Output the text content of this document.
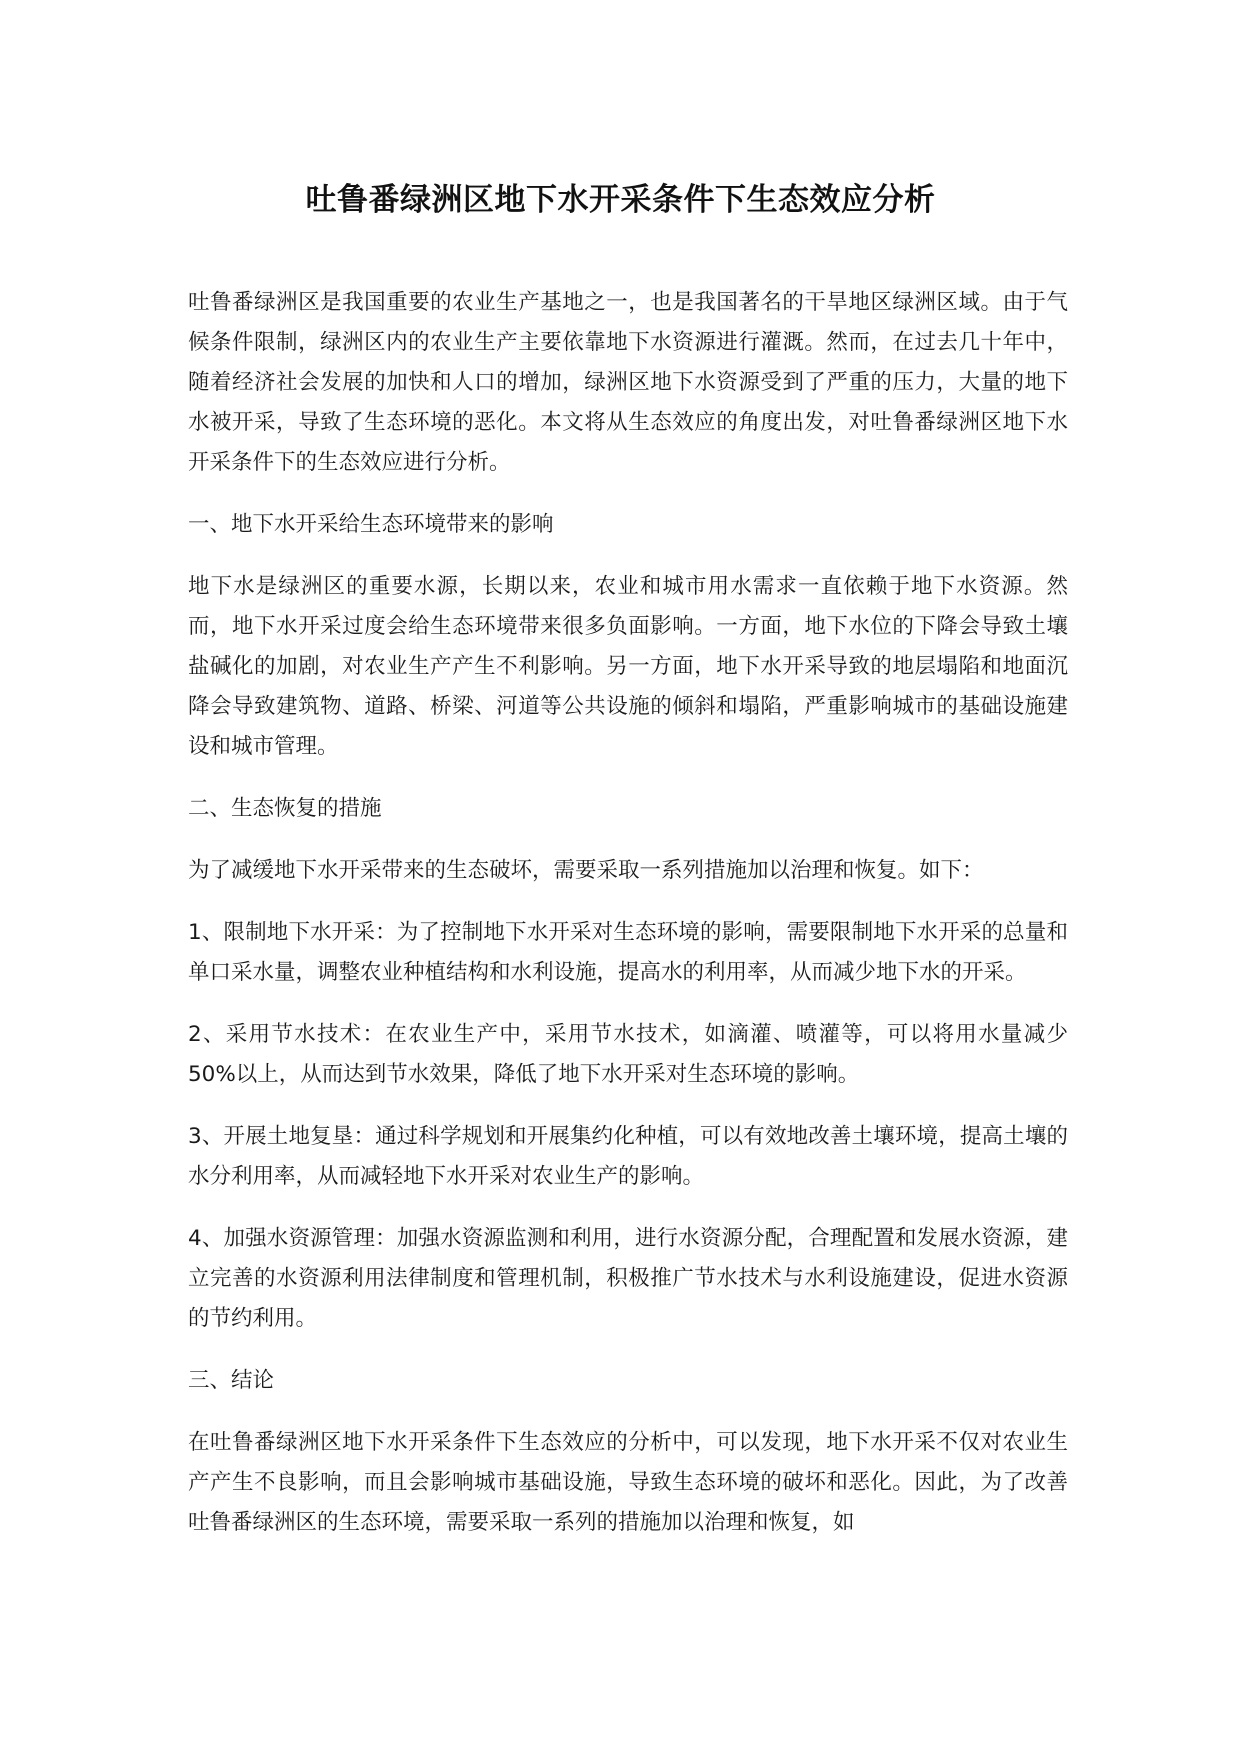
吐鲁番绿洲区地下水开采条件下生态效应分析

吐鲁番绿洲区是我国重要的农业生产基地之一，也是我国著名的干旱地区绿洲区域。由于气候条件限制，绿洲区内的农业生产主要依靠地下水资源进行灌溉。然而，在过去几十年中，随着经济社会发展的加快和人口的增加，绿洲区地下水资源受到了严重的压力，大量的地下水被开采，导致了生态环境的恶化。本文将从生态效应的角度出发，对吐鲁番绿洲区地下水开采条件下的生态效应进行分析。

一、地下水开采给生态环境带来的影响

地下水是绿洲区的重要水源，长期以来，农业和城市用水需求一直依赖于地下水资源。然而，地下水开采过度会给生态环境带来很多负面影响。一方面，地下水位的下降会导致土壤盐碱化的加剧，对农业生产产生不利影响。另一方面，地下水开采导致的地层塌陷和地面沉降会导致建筑物、道路、桥梁、河道等公共设施的倾斜和塌陷，严重影响城市的基础设施建设和城市管理。

二、生态恢复的措施

为了减缓地下水开采带来的生态破坏，需要采取一系列措施加以治理和恢复。如下：

1、限制地下水开采：为了控制地下水开采对生态环境的影响，需要限制地下水开采的总量和单口采水量，调整农业种植结构和水利设施，提高水的利用率，从而减少地下水的开采。

2、采用节水技术：在农业生产中，采用节水技术，如滴灌、喷灌等，可以将用水量减少 50%以上，从而达到节水效果，降低了地下水开采对生态环境的影响。

3、开展土地复垦：通过科学规划和开展集约化种植，可以有效地改善土壤环境，提高土壤的水分利用率，从而减轻地下水开采对农业生产的影响。

4、加强水资源管理：加强水资源监测和利用，进行水资源分配，合理配置和发展水资源，建立完善的水资源利用法律制度和管理机制，积极推广节水技术与水利设施建设，促进水资源的节约利用。

三、结论

在吐鲁番绿洲区地下水开采条件下生态效应的分析中，可以发现，地下水开采不仅对农业生产产生不良影响，而且会影响城市基础设施，导致生态环境的破坏和恶化。因此，为了改善吐鲁番绿洲区的生态环境，需要采取一系列的措施加以治理和恢复，如
